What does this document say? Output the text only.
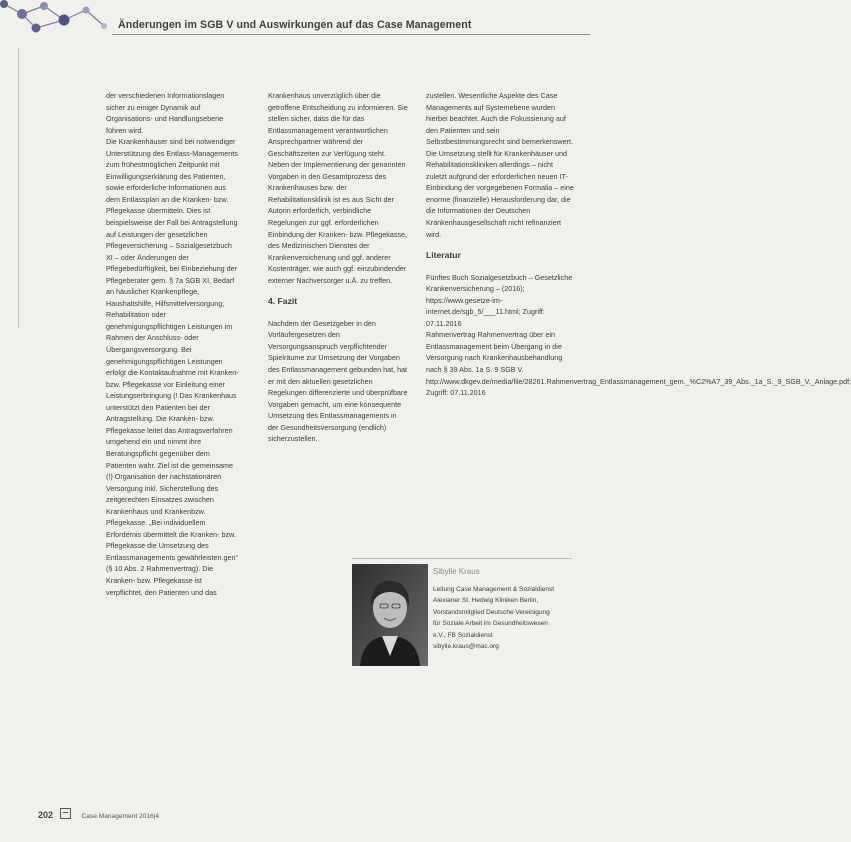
Änderungen im SGB V und Auswirkungen auf das Case Management

der verschiedenen Informationslagen sicher zu einiger Dynamik auf Organisations- und Handlungsebene führen wird.

Die Krankenhäuser sind bei notwendiger Unterstützung des Entlass-Managements zum frühestmöglichen Zeitpunkt mit Einwilligungserklärung des Patienten, sowie erforderliche Informationen aus dem Entlassplan an die Kranken- bzw. Pflegekasse übermitteln. Dies ist beispielsweise der Fall bei Antragstellung auf Leistungen der gesetzlichen Pflegeversicherung – Sozialgesetzbuch XI – oder Änderungen der Pflegebedürftigkeit, bei Einbeziehung der Pflegeberater gem. § 7a SGB XI, Bedarf an häuslicher Krankenpflege, Haushaltshilfe, Hilfsmittelversorgung, Rehabilitation oder genehmigungspflichtigen Leistungen im Rahmen der Anschluss- oder Übergangsversorgung. Bei genehmigungspflichtigen Leistungen erfolgt die Kontaktaufnahme mit Kranken- bzw. Pflegekasse vor Einleitung einer Leistungserbringung (! Das Krankenhaus unterstützt den Patienten bei der Antragstellung. Die Kranken- bzw. Pflegekasse leitet das Antragsverfahren umgehend ein und nimmt ihre Beratungspflicht gegenüber dem Patienten wahr. Ziel ist die gemeinsame (!) Organisation der nachstationären Versorgung inkl. Sicherstellung des zeitgerechten Einsatzes zwischen Krankenhaus und Krankenbzw. Pflegekasse. „Bei individuellem Erfordernis übermittelt die Kranken- bzw. Pflegekasse die Umsetzung des Entlassmanagements gewährleisten.gen“ (§ 10 Abs. 2 Rahmenvertrag). Die Kranken- bzw. Pflegekasse ist verpflichtet, den Patienten und das

Krankenhaus unverzüglich über die getroffene Entscheidung zu informieren. Sie stellen sicher, dass die für das Entlassmanagement verantwortlichen Ansprechpartner während der Geschäftszeiten zur Verfügung steht. Neben der Implementierung der genannten Vorgaben in den Gesamtprozess des Krankenhauses bzw. der Rehabilitationsklinik ist es aus Sicht der Autorin erforderlich, verbindliche Regelungen zur ggf. erforderlichen Einbindung der Kranken- bzw. Pflegekasse, des Medizinischen Dienstes der Krankenversicherung und ggf. anderer Kostenträger, wie auch ggf. einzubindender externer Nachversorger u.Ä. zu treffen.

4. Fazit

Nachdem der Gesetzgeber in den Vorläufergesetzen den Versorgungsanspruch verpflichtender Spielräume zur Umsetzung der Vorgaben des Entlassmanagement gebunden hat, hat er mit den aktuellen gesetzlichen Regelungen differenzierte und überprüfbare Vorgaben gemacht, um eine konsequente Umsetzung des Entlassmanagements in der Gesundheitsversorgung (endlich) sicherzustellen.

zustellen. Wesentliche Aspekte des Case Managements auf Systemebene wurden hierbei beachtet. Auch die Fokussierung auf den Patienten und sein Selbstbestimmungsrecht sind bemerkenswert. Die Umsetzung stellt für Krankenhäuser und Rehabilitationskliniken allerdings – nicht zuletzt aufgrund der erforderlichen neuen IT-Einbindung der vorgegebenen Formalia – eine enorme (finanzielle) Herausforderung dar, die die Informationen der Deutschen Krankenhausgesellschaft nicht refinanziert wird.

Literatur

Fünftes Buch Sozialgesetzbuch – Gesetzliche Krankenversicherung – (2016); https://www.gesetze-im-internet.de/sgb_5/___11.html; Zugriff: 07.11.2016

Rahmenvertrag Rahmenvertrag über ein Entlassmanagement beim Übergang in die Versorgung nach Krankenhausbehandlung nach § 39 Abs. 1a S. 9 SGB V. http://www.dkgev.de/media/file/28261.Rahmenvertrag_Entlassmanagement_gem._%C2%A7_39_Abs._1a_S._9_SGB_V._Anlage.pdf; Zugriff: 07.11.2016

Sibylle Kraus
Leitung Case Management & Sozialdienst
Alexianer St. Hedwig Kliniken Berlin,
Vorstandsmitglied Deutsche Vereinigung
für Soziale Arbeit im Gesundheitswesen
e.V., FB Sozialdienst
sibylle.kraus@mac.org
202	Case Management 2016|4
